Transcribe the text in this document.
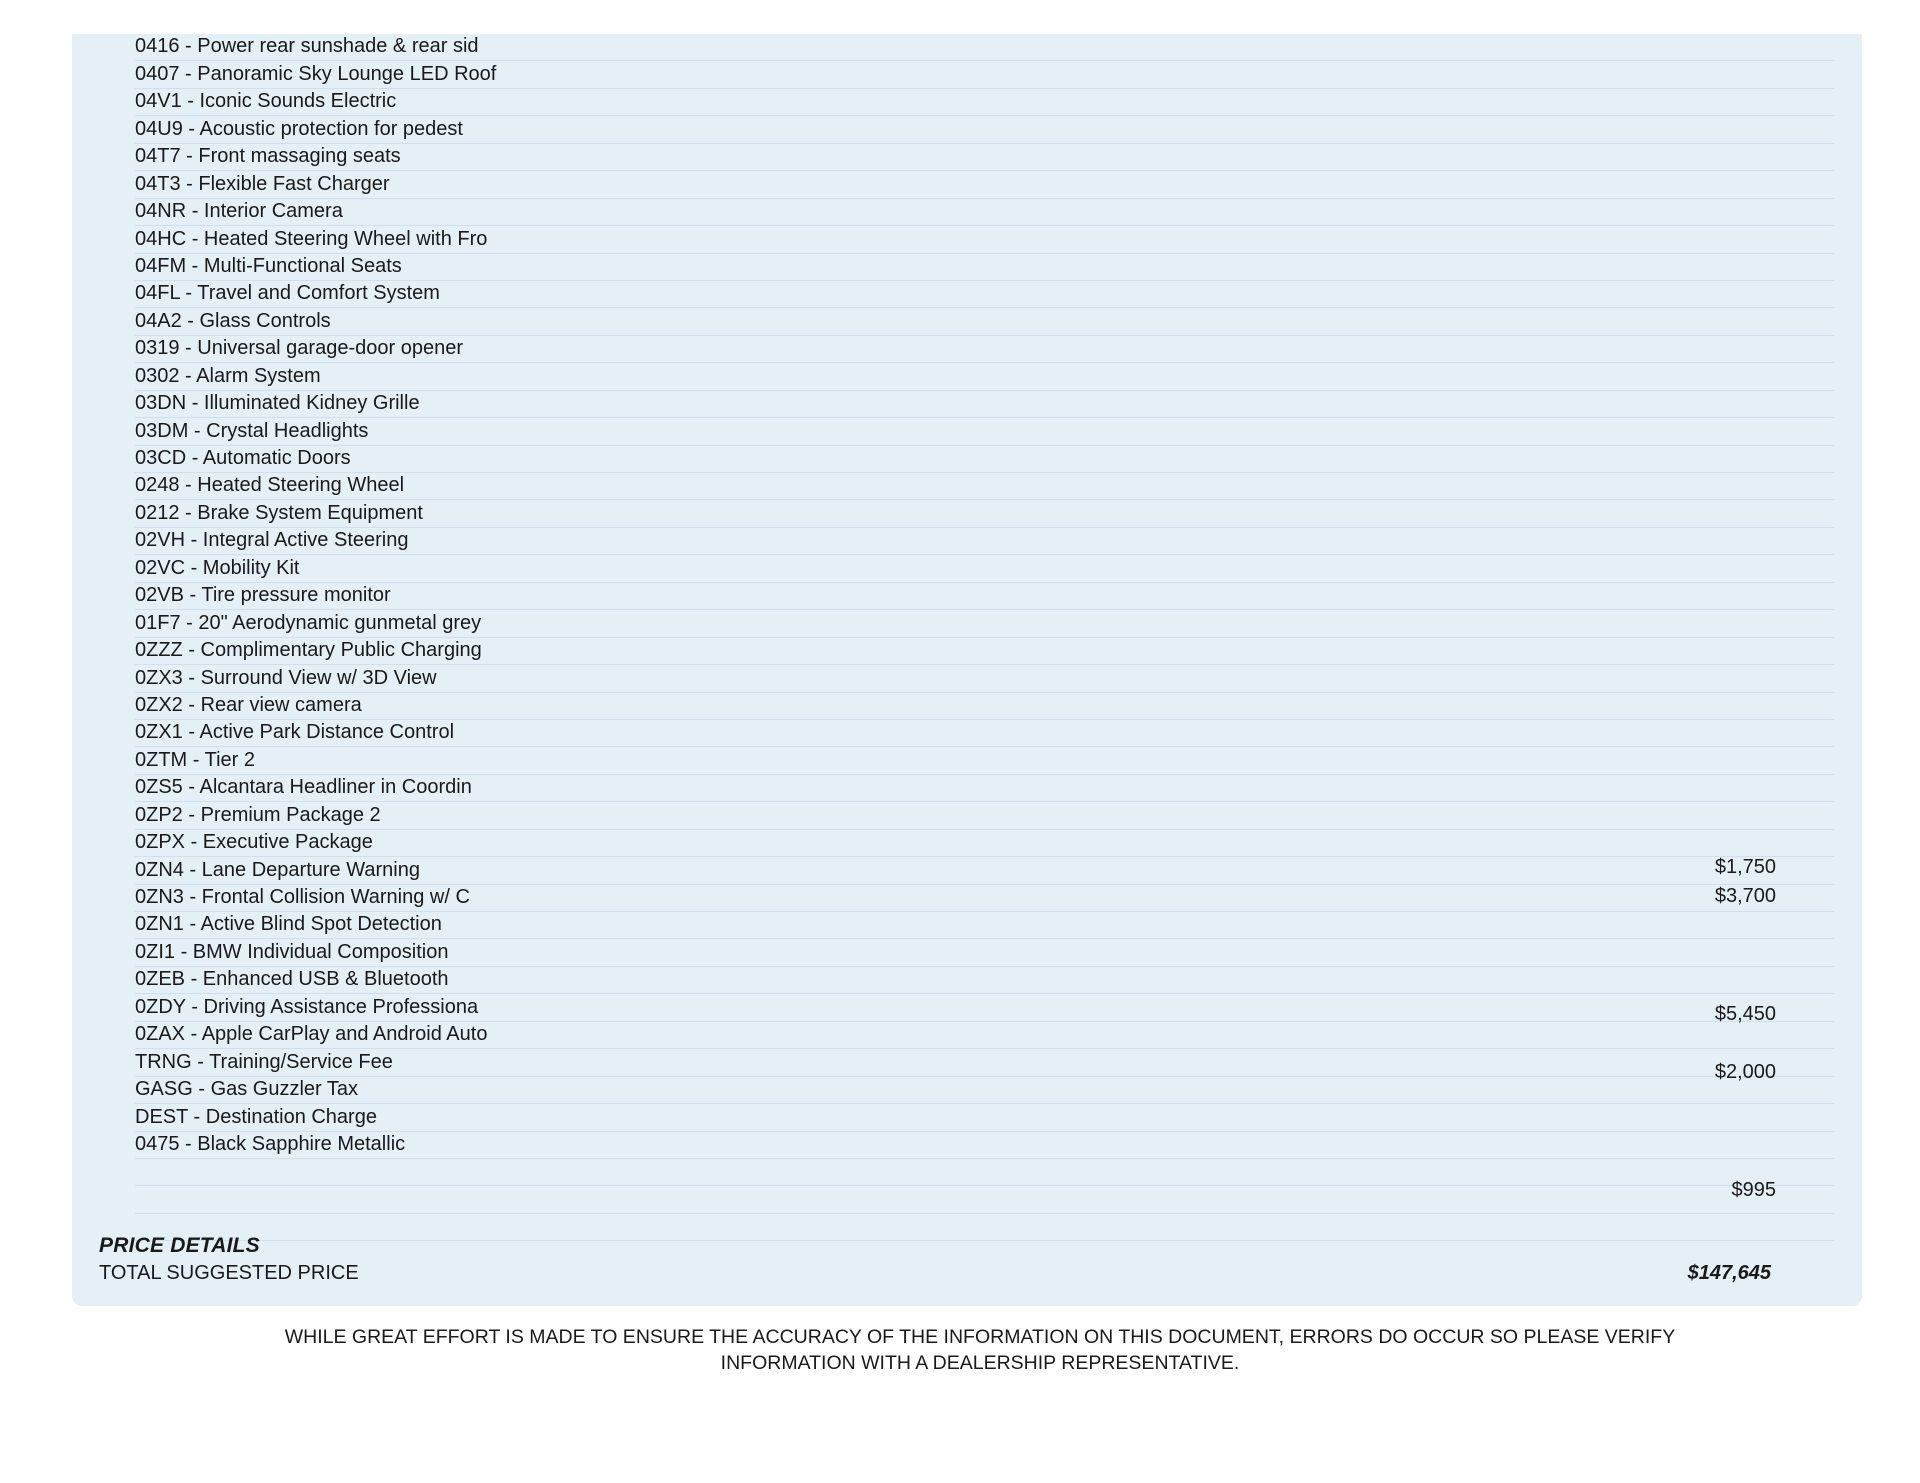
0416 - Power rear sunshade & rear sid
0407 - Panoramic Sky Lounge LED Roof
04V1 - Iconic Sounds Electric
04U9 - Acoustic protection for pedest
04T7 - Front massaging seats
04T3 - Flexible Fast Charger
04NR - Interior Camera
04HC - Heated Steering Wheel with Fro
04FM - Multi-Functional Seats
04FL - Travel and Comfort System
04A2 - Glass Controls
0319 - Universal garage-door opener
0302 - Alarm System
03DN - Illuminated Kidney Grille
03DM - Crystal Headlights
03CD - Automatic Doors
0248 - Heated Steering Wheel
0212 - Brake System Equipment
02VH - Integral Active Steering
02VC - Mobility Kit
02VB - Tire pressure monitor
01F7 - 20" Aerodynamic gunmetal grey
0ZZZ - Complimentary Public Charging
0ZX3 - Surround View w/ 3D View
0ZX2 - Rear view camera
0ZX1 - Active Park Distance Control
0ZTM - Tier 2
0ZS5 - Alcantara Headliner in Coordin
0ZP2 - Premium Package 2
0ZPX - Executive Package
0ZN4 - Lane Departure Warning
0ZN3 - Frontal Collision Warning w/ C
0ZN1 - Active Blind Spot Detection
0ZI1 - BMW Individual Composition
0ZEB - Enhanced USB & Bluetooth
0ZDY - Driving Assistance Professiona
0ZAX - Apple CarPlay and Android Auto
TRNG - Training/Service Fee
GASG - Gas Guzzler Tax
DEST - Destination Charge
0475 - Black Sapphire Metallic
$1,750
$3,700
$5,450
$2,000
$995
PRICE DETAILS
TOTAL SUGGESTED PRICE	$147,645
WHILE GREAT EFFORT IS MADE TO ENSURE THE ACCURACY OF THE INFORMATION ON THIS DOCUMENT, ERRORS DO OCCUR SO PLEASE VERIFY
INFORMATION WITH A DEALERSHIP REPRESENTATIVE.
